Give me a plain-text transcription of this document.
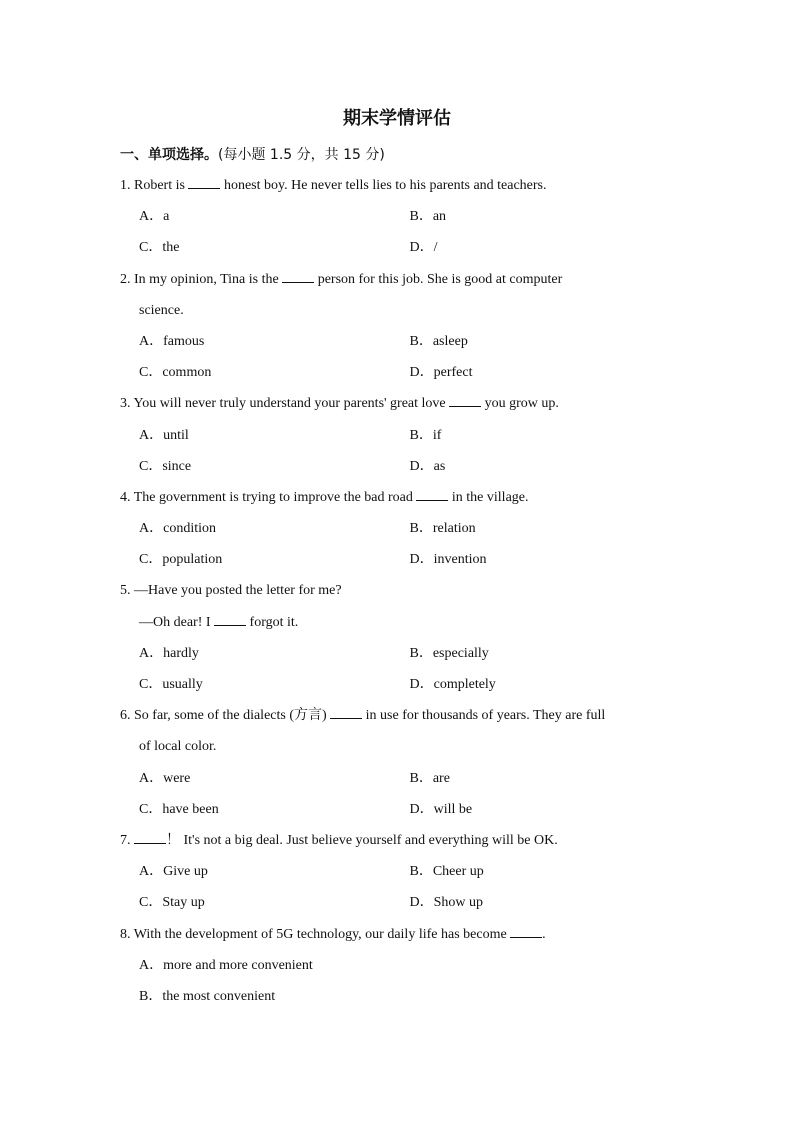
期末学情评估
一、单项选择。(每小题 1.5 分，共 15 分)
1. Robert is  honest boy. He never tells lies to his parents and teachers.
A．a	B．an
C．the	D．/
2. In my opinion, Tina is the  person for this job. She is good at computer
science.
A．famous	B．asleep
C．common	D．perfect
3. You will never truly understand your parents' great love  you grow up.
A．until	B．if
C．since	D．as
4. The government is trying to improve the bad road  in the village.
A．condition	B．relation
C．population	D．invention
5. —Have you posted the letter for me?
—Oh dear! I  forgot it.
A．hardly	B．especially
C．usually	D．completely
6. So far, some of the dialects (方言)  in use for thousands of years. They are full
of local color.
A．were	B．are
C．have been	D．will be
7. ！ It's not a big deal. Just believe yourself and everything will be OK.
A．Give up	B．Cheer up
C．Stay up	D．Show up
8. With the development of 5G technology, our daily life has become .
A．more and more convenient
B．the most convenient
